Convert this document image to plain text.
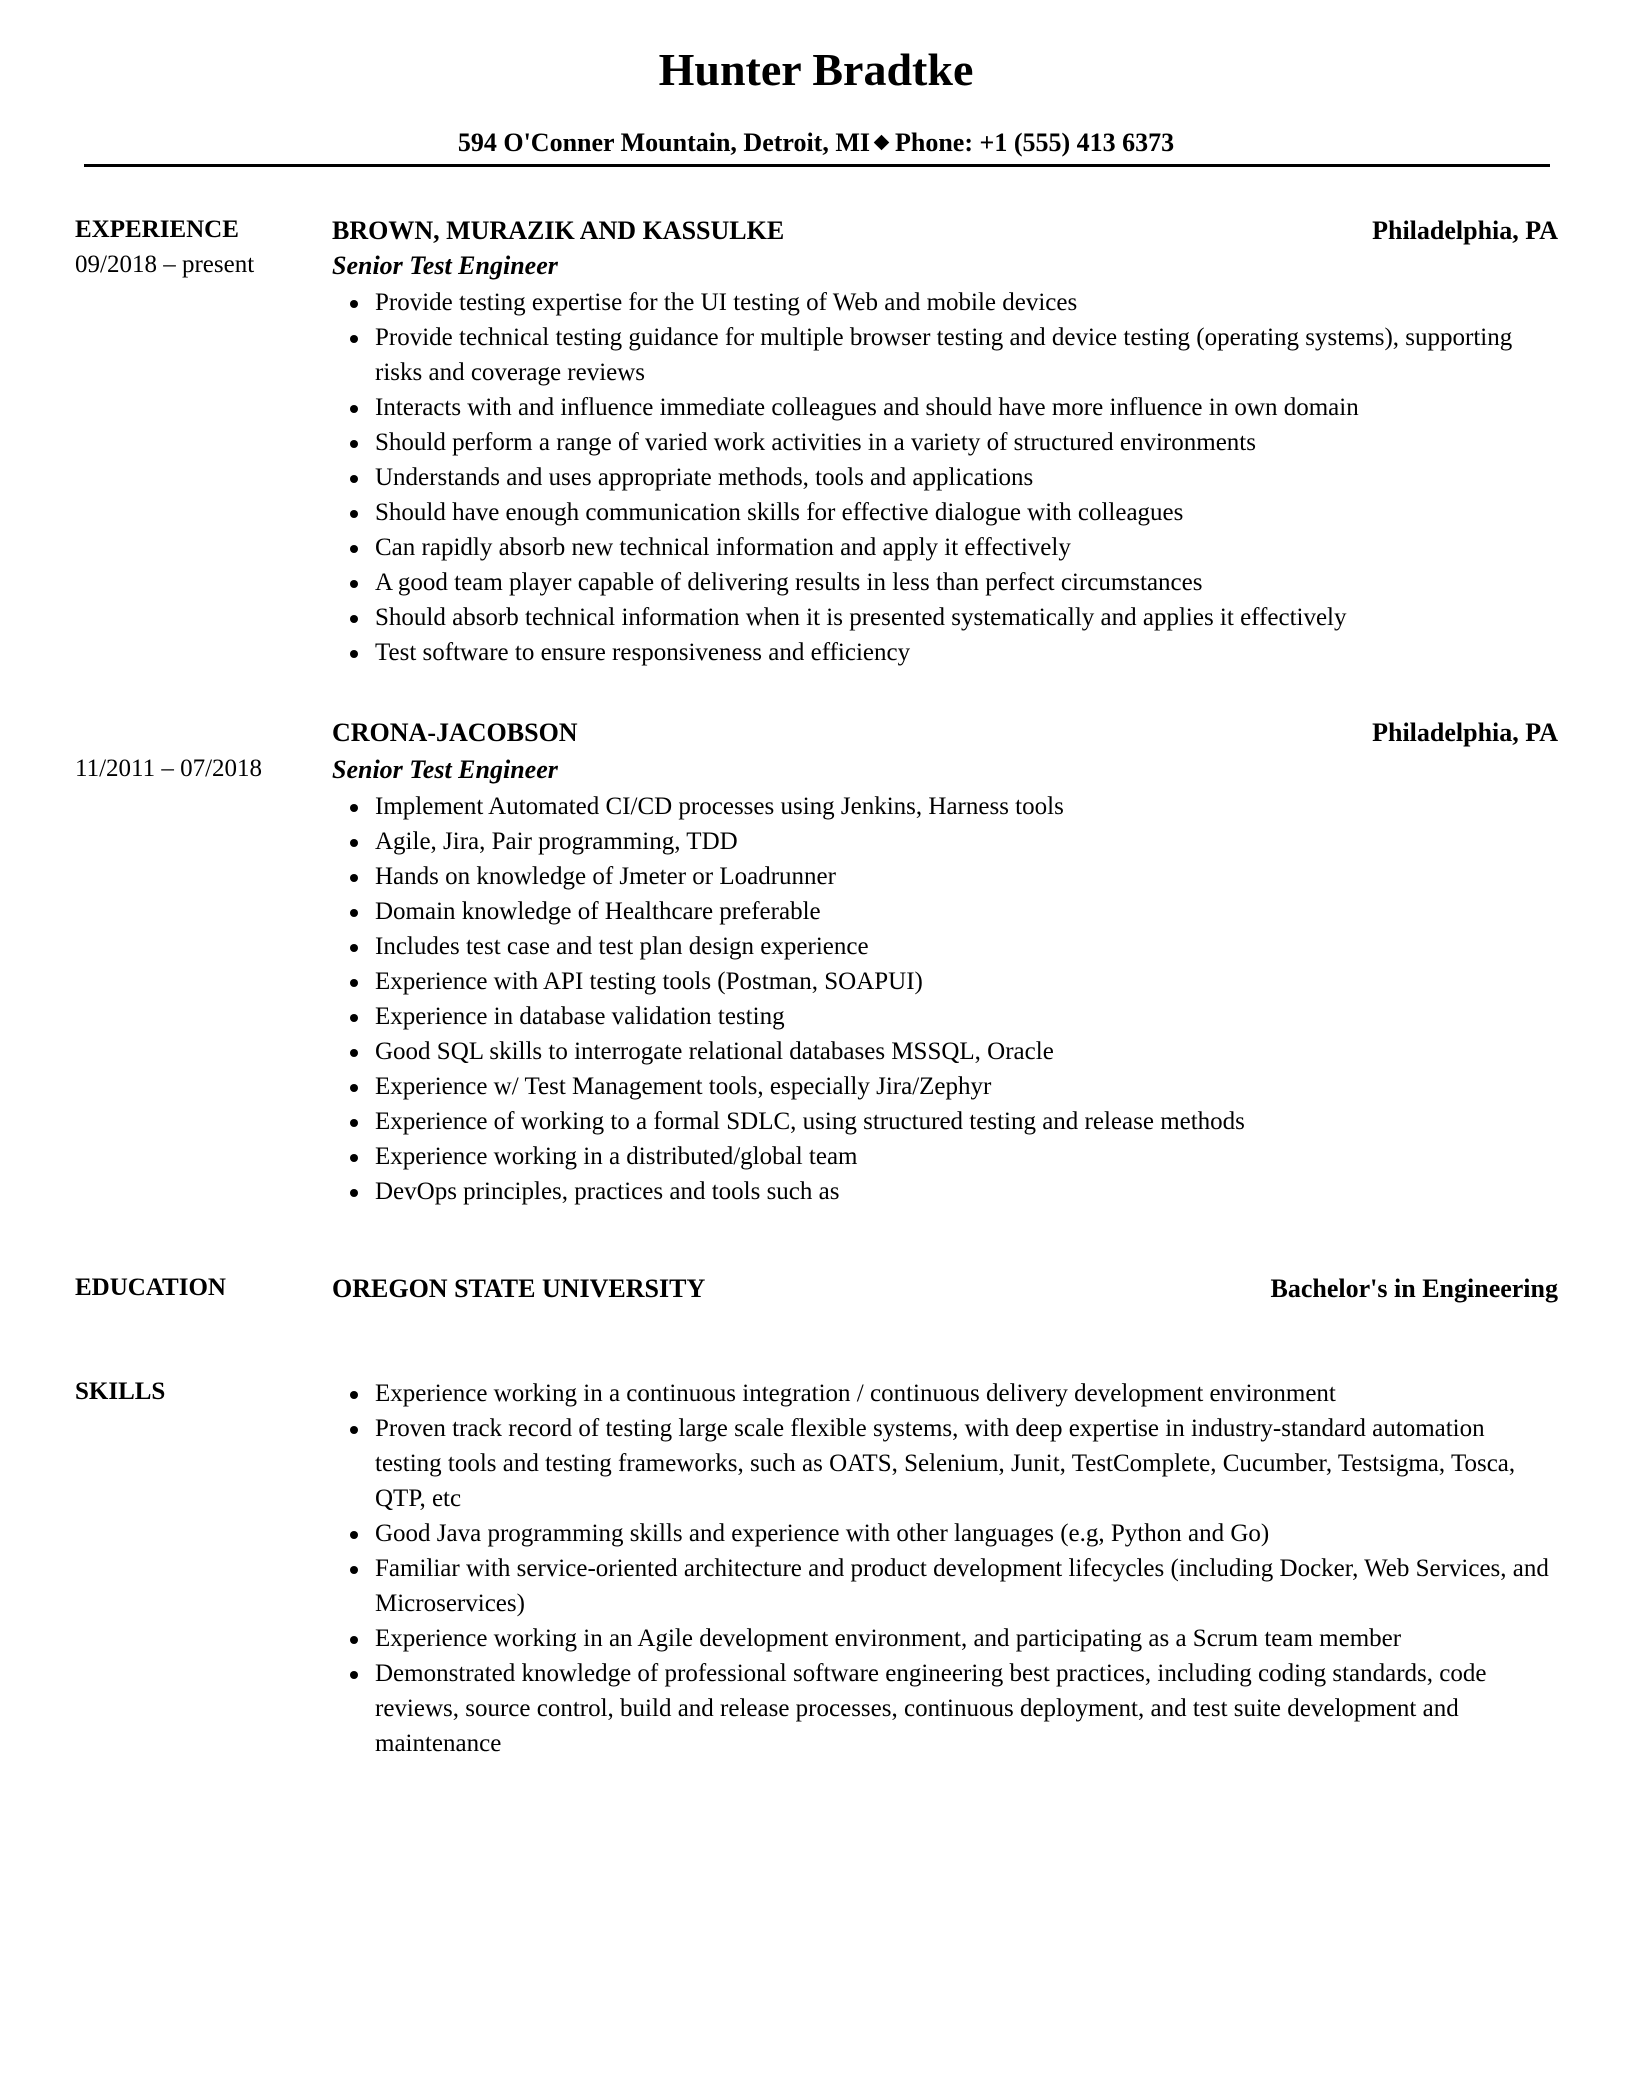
Hunter Bradtke
594 O'Conner Mountain, Detroit, MI Phone: +1 (555) 413 6373
EXPERIENCE
09/2018 – present
BROWN, MURAZIK AND KASSULKE	Philadelphia, PA
Senior Test Engineer
Provide testing expertise for the UI testing of Web and mobile devices
Provide technical testing guidance for multiple browser testing and device testing (operating systems), supporting risks and coverage reviews
Interacts with and influence immediate colleagues and should have more influence in own domain
Should perform a range of varied work activities in a variety of structured environments
Understands and uses appropriate methods, tools and applications
Should have enough communication skills for effective dialogue with colleagues
Can rapidly absorb new technical information and apply it effectively
A good team player capable of delivering results in less than perfect circumstances
Should absorb technical information when it is presented systematically and applies it effectively
Test software to ensure responsiveness and efficiency
CRONA-JACOBSON	Philadelphia, PA
11/2011 – 07/2018	Senior Test Engineer
Implement Automated CI/CD processes using Jenkins, Harness tools
Agile, Jira, Pair programming, TDD
Hands on knowledge of Jmeter or Loadrunner
Domain knowledge of Healthcare preferable
Includes test case and test plan design experience
Experience with API testing tools (Postman, SOAPUI)
Experience in database validation testing
Good SQL skills to interrogate relational databases MSSQL, Oracle
Experience w/ Test Management tools, especially Jira/Zephyr
Experience of working to a formal SDLC, using structured testing and release methods
Experience working in a distributed/global team
DevOps principles, practices and tools such as
EDUCATION	OREGON STATE UNIVERSITY	Bachelor's in Engineering
SKILLS	Experience working in a continuous integration / continuous delivery development environment
Proven track record of testing large scale flexible systems, with deep expertise in industry-standard automation testing tools and testing frameworks, such as OATS, Selenium, Junit, TestComplete, Cucumber, Testsigma, Tosca, QTP, etc
Good Java programming skills and experience with other languages (e.g, Python and Go)
Familiar with service-oriented architecture and product development lifecycles (including Docker, Web Services, and Microservices)
Experience working in an Agile development environment, and participating as a Scrum team member
Demonstrated knowledge of professional software engineering best practices, including coding standards, code reviews, source control, build and release processes, continuous deployment, and test suite development and maintenance
